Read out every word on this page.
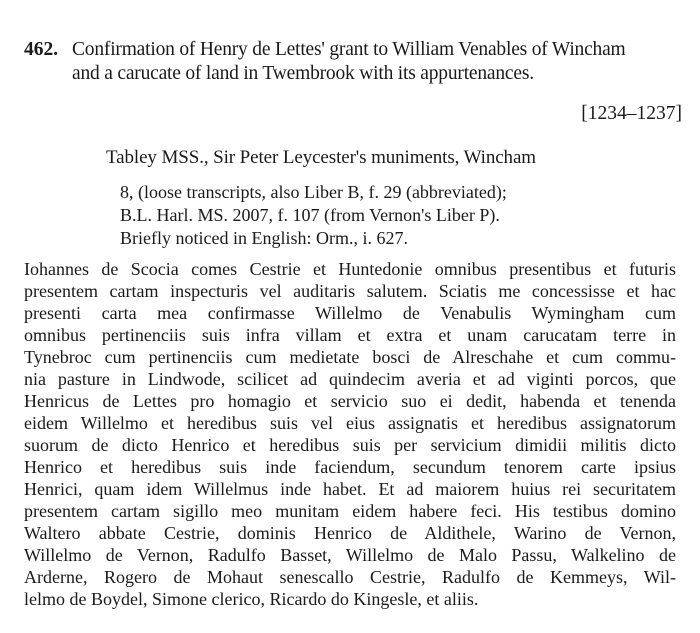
462. Confirmation of Henry de Lettes' grant to William Venables of Wincham
and a carucate of land in Twembrook with its appurtenances.
[1234–1237]
Tabley MSS., Sir Peter Leycester's muniments, Wincham
8, (loose transcripts, also Liber B, f. 29 (abbreviated);
B.L. Harl. MS. 2007, f. 107 (from Vernon's Liber P).
Briefly noticed in English: Orm., i. 627.
Iohannes de Scocia comes Cestrie et Huntedonie omnibus presentibus et futuris
presentem cartam inspecturis vel auditaris salutem. Sciatis me concessisse et hac
presenti carta mea confirmasse Willelmo de Venabulis Wymingham cum
omnibus pertinenciis suis infra villam et extra et unam carucatam terre in
Tynebroc cum pertinenciis cum medietate bosci de Alreschahe et cum commu-
nia pasture in Lindwode, scilicet ad quindecim averia et ad viginti porcos, que
Henricus de Lettes pro homagio et servicio suo ei dedit, habenda et tenenda
eidem Willelmo et heredibus suis vel eius assignatis et heredibus assignatorum
suorum de dicto Henrico et heredibus suis per servicium dimidii militis dicto
Henrico et heredibus suis inde faciendum, secundum tenorem carte ipsius
Henrici, quam idem Willelmus inde habet. Et ad maiorem huius rei securitatem
presentem cartam sigillo meo munitam eidem habere feci. His testibus domino
Waltero abbate Cestrie, dominis Henrico de Aldithele, Warino de Vernon,
Willelmo de Vernon, Radulfo Basset, Willelmo de Malo Passu, Walkelino de
Arderne, Rogero de Mohaut senescallo Cestrie, Radulfo de Kemmeys, Wil-
lelmo de Boydel, Simone clerico, Ricardo do Kingesle, et aliis.
